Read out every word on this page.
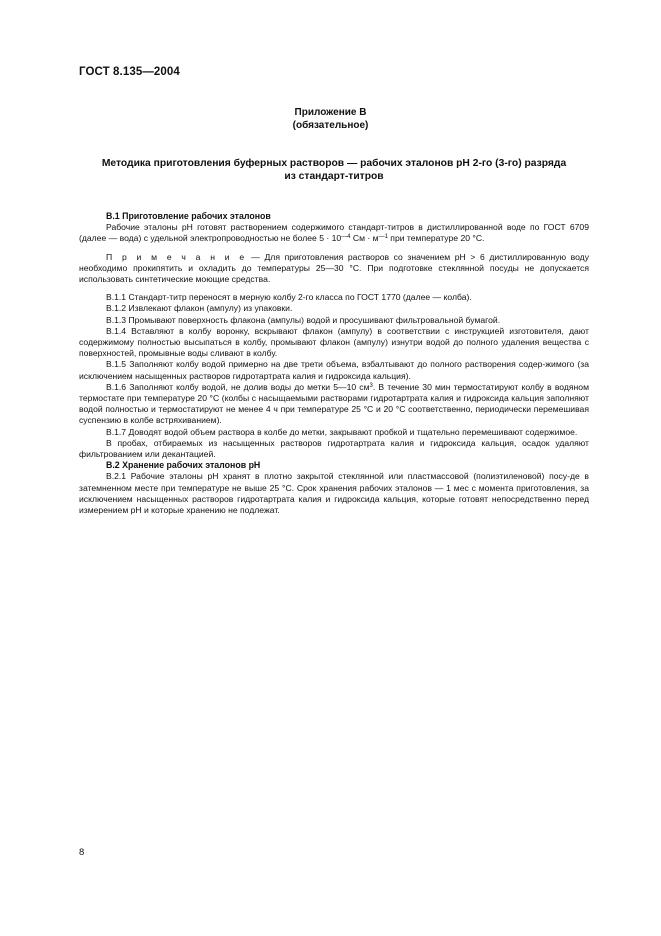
ГОСТ 8.135—2004
Приложение В
(обязательное)
Методика приготовления буферных растворов — рабочих эталонов pH 2-го (3-го) разряда
из стандарт-титров

В.1 Приготовление рабочих эталонов

Рабочие эталоны pH готовят растворением содержимого стандарт-титров в дистиллированной воде по ГОСТ 6709 (далее — вода) с удельной электропроводностью не более $5 \cdot 10^{—4}$ См · $м^{—1}$ при температуре 20 °С.

П р и м е ч а н и е — Для приготовления растворов со значением pH > 6 дистиллированную воду необходимо прокипятить и охладить до температуры 25—30 °С. При подготовке стеклянной посуды не допускается использовать синтетические моющие средства.

В.1.1 Стандарт-титр переносят в мерную колбу 2-го класса по ГОСТ 1770 (далее — колба).

В.1.2 Извлекают флакон (ампулу) из упаковки.

В.1.3 Промывают поверхность флакона (ампулы) водой и просушивают фильтровальной бумагой.

В.1.4 Вставляют в колбу воронку, вскрывают флакон (ампулу) в соответствии с инструкцией изготовителя, дают содержимому полностью высыпаться в колбу, промывают флакон (ампулу) изнутри водой до полного удаления вещества с поверхностей, промывные воды сливают в колбу.

В.1.5 Заполняют колбу водой примерно на две трети объема, взбалтывают до полного растворения содер-жимого (за исключением насыщенных растворов гидротартрата калия и гидроксида кальция).

В.1.6 Заполняют колбу водой, не долив воды до метки 5—10 $см^3$. В течение 30 мин термостатируют колбу в водяном термостате при температуре 20 °С (колбы с насыщаемыми растворами гидротартрата калия и гидроксида кальция заполняют водой полностью и термостатируют не менее 4 ч при температуре 25 °С и 20 °С соответственно, периодически перемешивая суспензию в колбе встряхиванием).

В.1.7 Доводят водой объем раствора в колбе до метки, закрывают пробкой и тщательно перемешивают содержимое.

В пробах, отбираемых из насыщенных растворов гидротартрата калия и гидроксида кальция, осадок удаляют фильтрованием или декантацией.

В.2 Хранение рабочих эталонов pH

В.2.1 Рабочие эталоны pH хранят в плотно закрытой стеклянной или пластмассовой (полиэтиленовой) посу-де в затемненном месте при температуре не выше 25 °С. Срок хранения рабочих эталонов — 1 мес с момента приготовления, за исключением насыщенных растворов гидротартрата калия и гидроксида кальция, которые готовят непосредственно перед измерением pH и которые хранению не подлежат.

8
